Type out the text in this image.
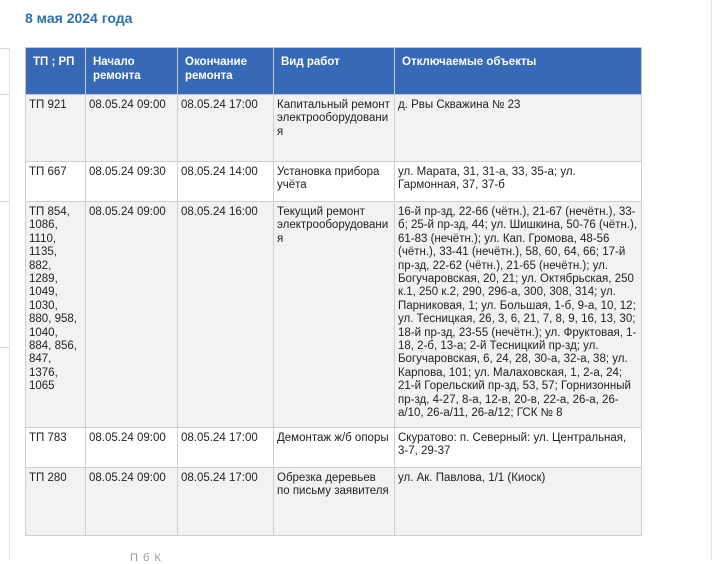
8 мая 2024 года
ТП ; РП	Начало ремонта	Окончание ремонта	Вид работ	Отключаемые объекты
ТП 921	08.05.24 09:00	08.05.24 17:00	Капитальный ремонт электрооборудования	д. Рвы Скважина № 23
ТП 667	08.05.24 09:30	08.05.24 14:00	Установка прибора учёта	ул. Марата, 31, 31-а, 33, 35-а; ул. Гармонная, 37, 37-б
ТП 854, 1086, 1110, 1135, 882, 1289, 1049, 1030, 880, 958, 1040, 884, 856, 847, 1376, 1065	08.05.24 09:00	08.05.24 16:00	Текущий ремонт электрооборудования	16-й пр-зд, 22-66 (чётн.), 21-67 (нечётн.), 33-б; 25-й пр-зд, 44; ул. Шишкина, 50-76 (чётн.), 61-83 (нечётн.); ул. Кап. Громова, 48-56 (чётн.), 33-41 (нечётн.), 58, 60, 64, 66; 17-й пр-зд, 22-62 (чётн.), 21-65 (нечётн.); ул. Богучаровская, 20, 21; ул. Октябрьская, 250 к.1, 250 к.2, 290, 296-а, 300, 308, 314; ул. Парниковая, 1; ул. Большая, 1-б, 9-а, 10, 12; ул. Тесницкая, 26, 3, 6, 21, 7, 8, 9, 16, 13, 30; 18-й пр-зд, 23-55 (нечётн.); ул. Фруктовая, 1-18, 2-б, 13-а; 2-й Тесницкий пр-зд; ул. Богучаровская, 6, 24, 28, 30-а, 32-а, 38; ул. Карпова, 101; ул. Малаховская, 1, 2-а, 24; 21-й Горельский пр-зд, 53, 57; Горнизонный пр-зд, 4-27, 8-а, 12-в, 20-в, 22-а, 26-а, 26-а/10, 26-а/11, 26-а/12; ГСК № 8
ТП 783	08.05.24 09:00	08.05.24 17:00	Демонтаж ж/б опоры	Скуратово: п. Северный: ул. Центральная, 3-7, 29-37
ТП 280	08.05.24 09:00	08.05.24 17:00	Обрезка деревьев по письму заявителя	ул. Ак. Павлова, 1/1 (Киоск)
П б К
